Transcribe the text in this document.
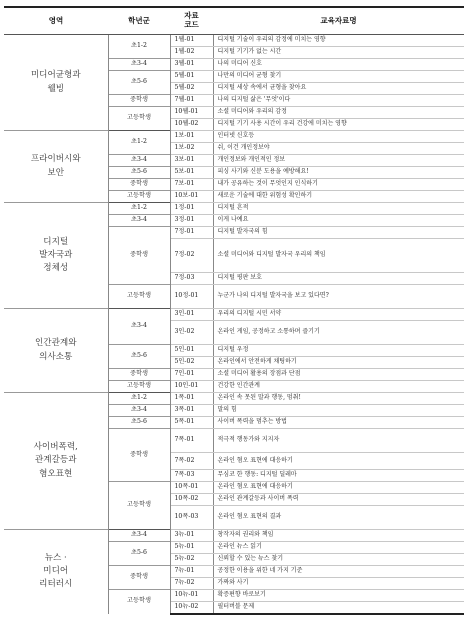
영역	학년군	자료
코드	교육자료명

미디어균형과
웰빙	초1-2	1웰-01	디지털 기술이 우리의 감정에 미치는 영향
		1웰-02	디지털 기기가 없는 시간
	초3-4	3웰-01	나의 미디어 신호
	초5-6	5웰-01	나만의 미디어 균형 찾기
		5웰-02	디지털 세상 속에서 균형을 찾아요
	중학생	7웰-01	나의 디지털 삶은 '무엇'이다
	고등학생	10웰-01	소셜 미디어와 우리의 감정
		10웰-02	디지털 기기 사용 시간이 우리 건강에 미치는 영향

프라이버시와
보안	초1-2	1보-01	인터넷 신호등
		1보-02	쉬, 이건 개인정보야
	초3-4	3보-01	개인정보와 개인적인 정보
	초5-6	5보-01	피싱 사기와 신분 도용을 예방해요!
	중학생	7보-01	내가 공유하는 것이 무엇인지 인식하기
	고등학생	10보-01	새로운 기술에 대한 위험성 확인하기

디지털
발자국과
정체성	초1-2	1정-01	디지털 흔적
	초3-4	3정-01	이게 나예요
	중학생	7정-01	디지털 발자국의 힘
		7정-02	소셜 미디어와 디지털 발자국 우리의 책임
		7정-03	디지털 평판 보호
	고등학생	10정-01	누군가 나의 디지털 발자국을 보고 있다면?

인간관계와
의사소통	초3-4	3인-01	우리의 디지털 시민 서약
		3인-02	온라인 게임, 공정하고 소통하며 즐기기
	초5-6	5인-01	디지털 우정
		5인-02	온라인에서 안전하게 채팅하기
	중학생	7인-01	소셜 미디어 활용의 장점과 단점
	고등학생	10인-01	건강한 인간관계

사이버폭력,
관계갈등과
혐오표현	초1-2	1폭-01	온라인 속 못된 말과 행동, 멈춰!
	초3-4	3폭-01	말의 힘
	초5-6	5폭-01	사이버 폭력을 멈추는 방법
	중학생	7폭-01	적극적 행동가와 지지자
		7폭-02	온라인 혐오 표현에 대응하기
		7폭-03	무심코 한 행동: 디지털 딜레마
	고등학생	10폭-01	온라인 혐오 표현에 대응하기
		10폭-02	온라인 관계갈등과 사이버 폭력
		10폭-03	온라인 혐오 표현의 결과

뉴스 ·
미디어
리터러시	초3-4	3뉴-01	창작자의 권리와 책임
	초5-6	5뉴-01	온라인 뉴스 읽기
		5뉴-02	신뢰할 수 있는 뉴스 찾기
	중학생	7뉴-01	공정한 이용을 위한 네 가지 기준
		7뉴-02	가짜와 사기
	고등학생	10뉴-01	확증편향 바로보기
		10뉴-02	필터버블 문제
